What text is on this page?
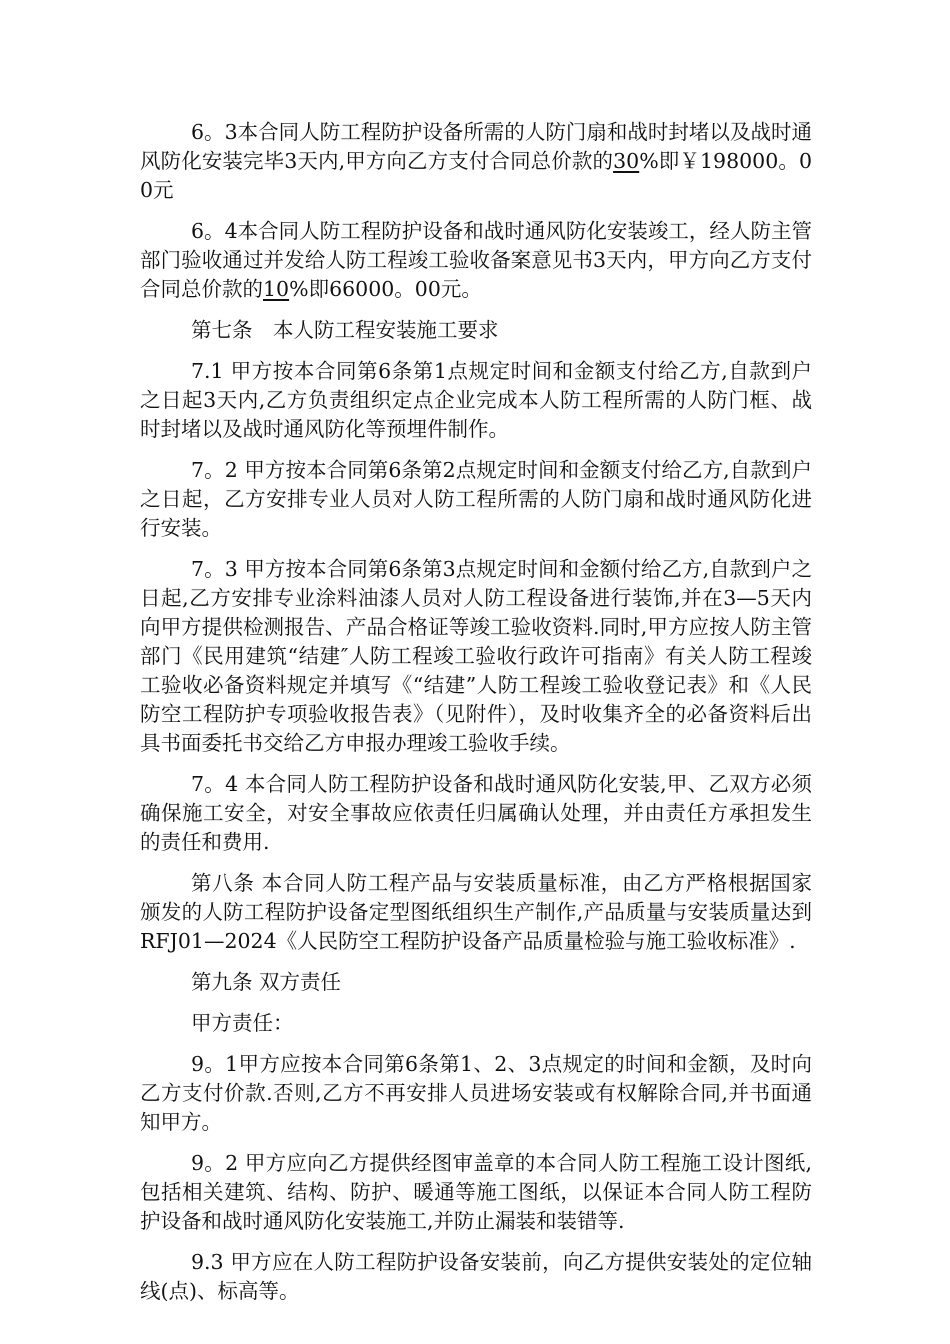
6。3本合同人防工程防护设备所需的人防门扇和战时封堵以及战时通风防化安装完毕3天内,甲方向乙方支付合同总价款的30%即￥198000。00元

6。4本合同人防工程防护设备和战时通风防化安装竣工，经人防主管部门验收通过并发给人防工程竣工验收备案意见书3天内，甲方向乙方支付合同总价款的10%即66000。00元。

第七条　本人防工程安装施工要求

7.1 甲方按本合同第6条第1点规定时间和金额支付给乙方,自款到户之日起3天内,乙方负责组织定点企业完成本人防工程所需的人防门框、战时封堵以及战时通风防化等预埋件制作。

7。2 甲方按本合同第6条第2点规定时间和金额支付给乙方,自款到户之日起，乙方安排专业人员对人防工程所需的人防门扇和战时通风防化进行安装。

7。3 甲方按本合同第6条第3点规定时间和金额付给乙方,自款到户之日起,乙方安排专业涂料油漆人员对人防工程设备进行装饰,并在3—5天内向甲方提供检测报告、产品合格证等竣工验收资料.同时,甲方应按人防主管部门《民用建筑“结建″人防工程竣工验收行政许可指南》有关人防工程竣工验收必备资料规定并填写《“结建”人防工程竣工验收登记表》和《人民防空工程防护专项验收报告表》（见附件），及时收集齐全的必备资料后出具书面委托书交给乙方申报办理竣工验收手续。

7。4 本合同人防工程防护设备和战时通风防化安装,甲、乙双方必须确保施工安全，对安全事故应依责任归属确认处理，并由责任方承担发生的责任和费用.

第八条 本合同人防工程产品与安装质量标准，由乙方严格根据国家颁发的人防工程防护设备定型图纸组织生产制作,产品质量与安装质量达到RFJ01—2024《人民防空工程防护设备产品质量检验与施工验收标准》.

第九条 双方责任

甲方责任：

9。1甲方应按本合同第6条第1、2、3点规定的时间和金额，及时向乙方支付价款.否则,乙方不再安排人员进场安装或有权解除合同,并书面通知甲方。

9。2 甲方应向乙方提供经图审盖章的本合同人防工程施工设计图纸,包括相关建筑、结构、防护、暖通等施工图纸，以保证本合同人防工程防护设备和战时通风防化安装施工,并防止漏装和装错等.

9.3 甲方应在人防工程防护设备安装前，向乙方提供安装处的定位轴线(点)、标高等。
